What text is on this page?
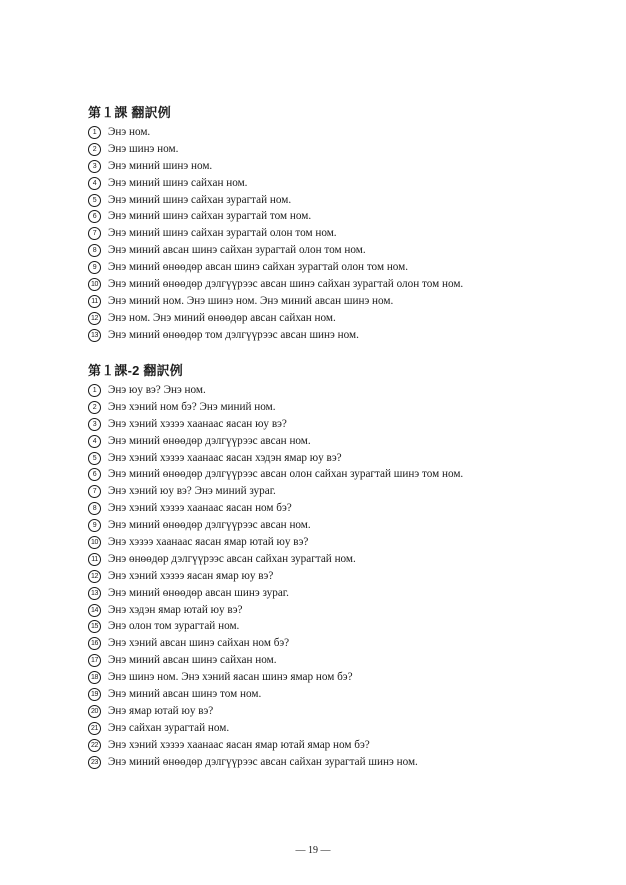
第１課 翻訳例
1	Энэ ном.
2	Энэ шинэ ном.
3	Энэ миний шинэ ном.
4	Энэ миний шинэ сайхан ном.
5	Энэ миний шинэ сайхан зурагтай ном.
6	Энэ миний шинэ сайхан зурагтай том ном.
7	Энэ миний шинэ сайхан зурагтай олон том ном.
8	Энэ миний авсан шинэ сайхан зурагтай олон том ном.
9	Энэ миний өнөөдөр авсан шинэ сайхан зурагтай олон том ном.
10 Энэ миний өнөөдөр дэлгүүрээс авсан шинэ сайхан зурагтай олон том ном.
11 Энэ миний ном. Энэ шинэ ном. Энэ миний авсан шинэ ном.
12 Энэ ном. Энэ миний өнөөдөр авсан сайхан ном.
13 Энэ миний өнөөдөр том дэлгүүрээс авсан шинэ ном.
第１課-2 翻訳例
1	Энэ юу вэ? Энэ ном.
2	Энэ хэний ном бэ? Энэ миний ном.
3	Энэ хэний хэзээ хаанаас яасан юу вэ?
4	Энэ миний өнөөдөр дэлгүүрээс авсан ном.
5	Энэ хэний хэзээ хаанаас яасан хэдэн ямар юу вэ?
6	Энэ миний өнөөдөр дэлгүүрээс авсан олон сайхан зурагтай шинэ том ном.
7	Энэ хэний юу вэ? Энэ миний зураг.
8	Энэ хэний хэзээ хаанаас яасан ном бэ?
9	Энэ миний өнөөдөр дэлгүүрээс авсан ном.
10 Энэ хэзээ хаанаас яасан ямар ютай юу вэ?
11 Энэ өнөөдөр дэлгүүрээс авсан сайхан зурагтай ном.
12 Энэ хэний хэзээ яасан ямар юу вэ?
13 Энэ миний өнөөдөр авсан шинэ зураг.
14 Энэ хэдэн ямар ютай юу вэ?
15 Энэ олон том зурагтай ном.
16 Энэ хэний авсан шинэ сайхан ном бэ?
17 Энэ миний авсан шинэ сайхан ном.
18 Энэ шинэ ном. Энэ хэний яасан шинэ ямар ном бэ?
19 Энэ миний авсан шинэ том ном.
20 Энэ ямар ютай юу вэ?
21 Энэ сайхан зурагтай ном.
22 Энэ хэний хэзээ хаанаас яасан ямар ютай ямар ном бэ?
23 Энэ миний өнөөдөр дэлгүүрээс авсан сайхан зурагтай шинэ ном.
― 19 ―
